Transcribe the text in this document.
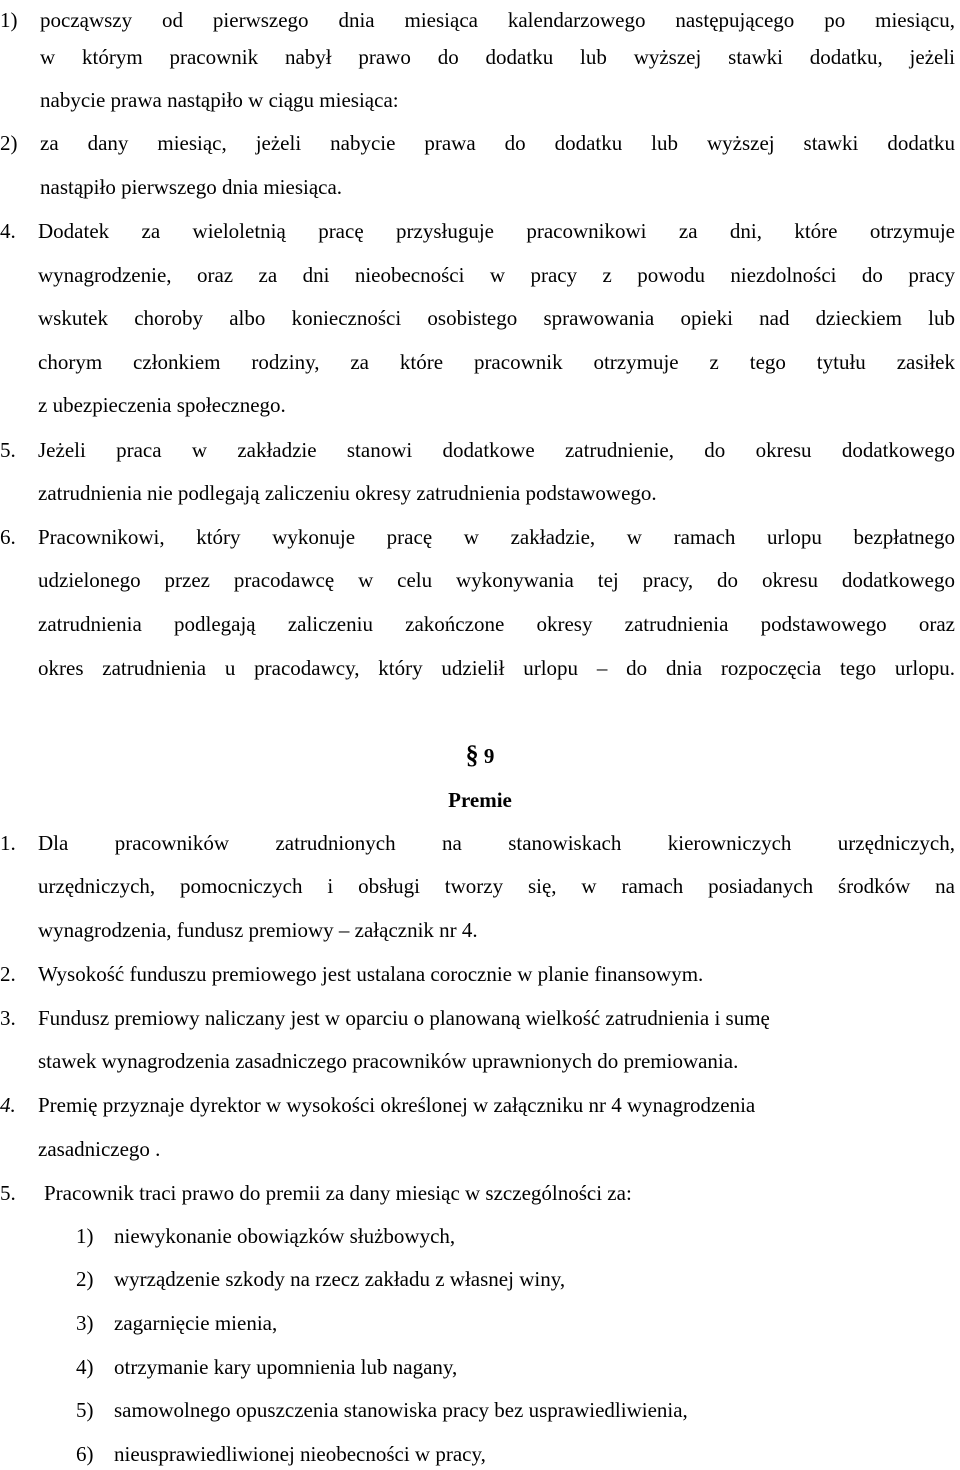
1) począwszy od pierwszego dnia miesiąca kalendarzowego następującego po miesiącu,
w którym pracownik nabył prawo do dodatku lub wyższej stawki dodatku, jeżeli
nabycie prawa nastąpiło w ciągu miesiąca:
2) za dany miesiąc, jeżeli nabycie prawa do dodatku lub wyższej stawki dodatku
nastąpiło pierwszego dnia miesiąca.
4. Dodatek za wieloletnią pracę przysługuje pracownikowi za dni, które otrzymuje
wynagrodzenie, oraz za dni nieobecności w pracy z powodu niezdolności do pracy
wskutek choroby albo konieczności osobistego sprawowania opieki nad dzieckiem lub
chorym członkiem rodziny, za które pracownik otrzymuje z tego tytułu zasiłek
z ubezpieczenia społecznego.
5. Jeżeli praca w zakładzie stanowi dodatkowe zatrudnienie, do okresu dodatkowego
zatrudnienia nie podlegają zaliczeniu okresy zatrudnienia podstawowego.
6. Pracownikowi, który wykonuje pracę w zakładzie, w ramach urlopu bezpłatnego
udzielonego przez pracodawcę w celu wykonywania tej pracy, do okresu dodatkowego
zatrudnienia podlegają zaliczeniu zakończone okresy zatrudnienia podstawowego oraz
okres zatrudnienia u pracodawcy, który udzielił urlopu – do dnia rozpoczęcia tego urlopu.
§ 9
Premie
1. Dla pracowników zatrudnionych na stanowiskach kierowniczych urzędniczych,
urzędniczych, pomocniczych i obsługi tworzy się, w ramach posiadanych środków na
wynagrodzenia, fundusz premiowy – załącznik nr 4.
2. Wysokość funduszu premiowego jest ustalana corocznie w planie finansowym.
3. Fundusz premiowy naliczany jest w oparciu o planowaną wielkość zatrudnienia i sumę
stawek wynagrodzenia zasadniczego pracowników uprawnionych do premiowania.
4. Premię przyznaje dyrektor w wysokości określonej w załączniku nr 4 wynagrodzenia
zasadniczego .
5. Pracownik traci prawo do premii za dany miesiąc w szczególności za:
1) niewykonanie obowiązków służbowych,
2) wyrządzenie szkody na rzecz zakładu z własnej winy,
3) zagarnięcie mienia,
4) otrzymanie kary upomnienia lub nagany,
5) samowolnego opuszczenia stanowiska pracy bez usprawiedliwienia,
6) nieusprawiedliwionej nieobecności w pracy,
